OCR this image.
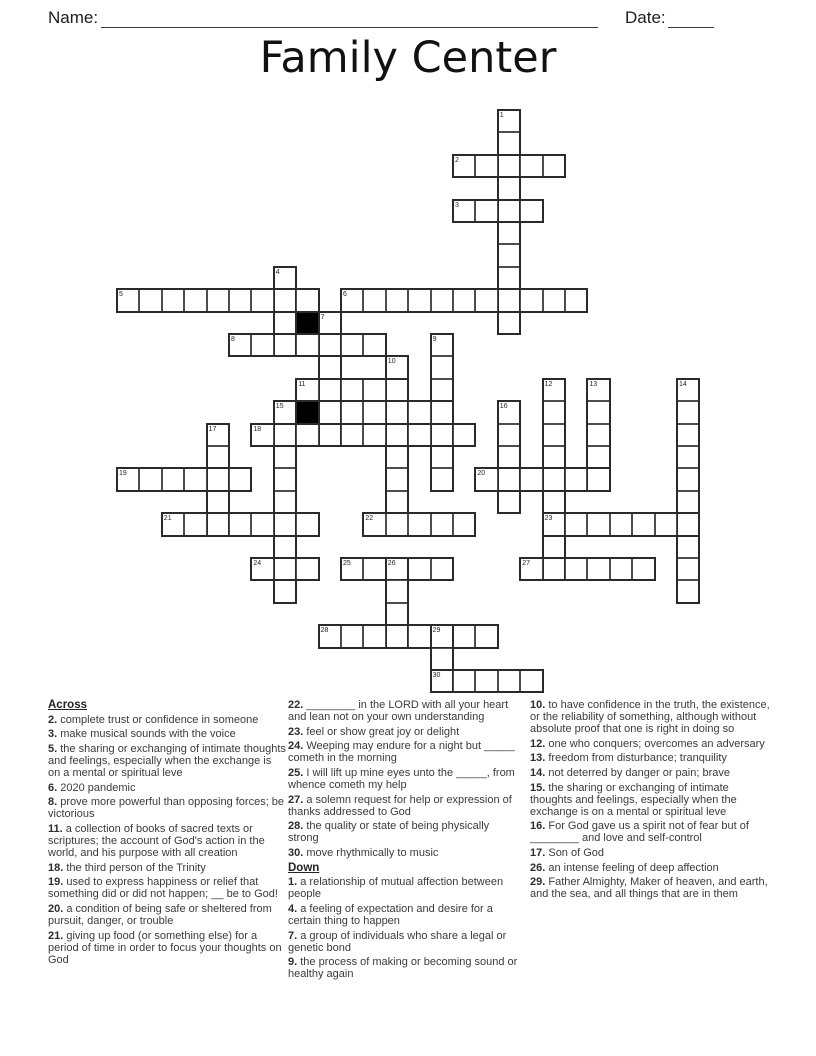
Name:	Date:
Family Center
1
2
3
4
5	6
7
8	9
10
11	12	13	14
15	16
17	18
19	20
21	22	23
24	25	26	27
28	29
30

Across

2. complete trust or confidence in someone

3. make musical sounds with the voice

5. the sharing or exchanging of intimate thoughts and feelings, especially when the exchange is on a mental or spiritual leve

6. 2020 pandemic

8. prove more powerful than opposing forces; be victorious

11. a collection of books of sacred texts or scriptures; the account of God's action in the world, and his purpose with all creation

18. the third person of the Trinity

19. used to express happiness or relief that something did or did not happen; __ be to God!

20. a condition of being safe or sheltered from pursuit, danger, or trouble

21. giving up food (or something else) for a period of time in order to focus your thoughts on God

22. ________ in the LORD with all your heart and lean not on your own understanding

23. feel or show great joy or delight

24. Weeping may endure for a night but _____ cometh in the morning

25. I will lift up mine eyes unto the _____, from whence cometh my help

27. a solemn request for help or expression of thanks addressed to God

28. the quality or state of being physically strong

30. move rhythmically to music

Down

1. a relationship of mutual affection between people

4. a feeling of expectation and desire for a certain thing to happen

7. a group of individuals who share a legal or genetic bond

9. the process of making or becoming sound or healthy again

10. to have confidence in the truth, the existence, or the reliability of something, although without absolute proof that one is right in doing so

12. one who conquers; overcomes an adversary

13. freedom from disturbance; tranquility

14. not deterred by danger or pain; brave

15. the sharing or exchanging of intimate thoughts and feelings, especially when the exchange is on a mental or spiritual leve

16. For God gave us a spirit not of fear but of ________ and love and self-control

17. Son of God

26. an intense feeling of deep affection

29. Father Almighty, Maker of heaven, and earth, and the sea, and all things that are in them
